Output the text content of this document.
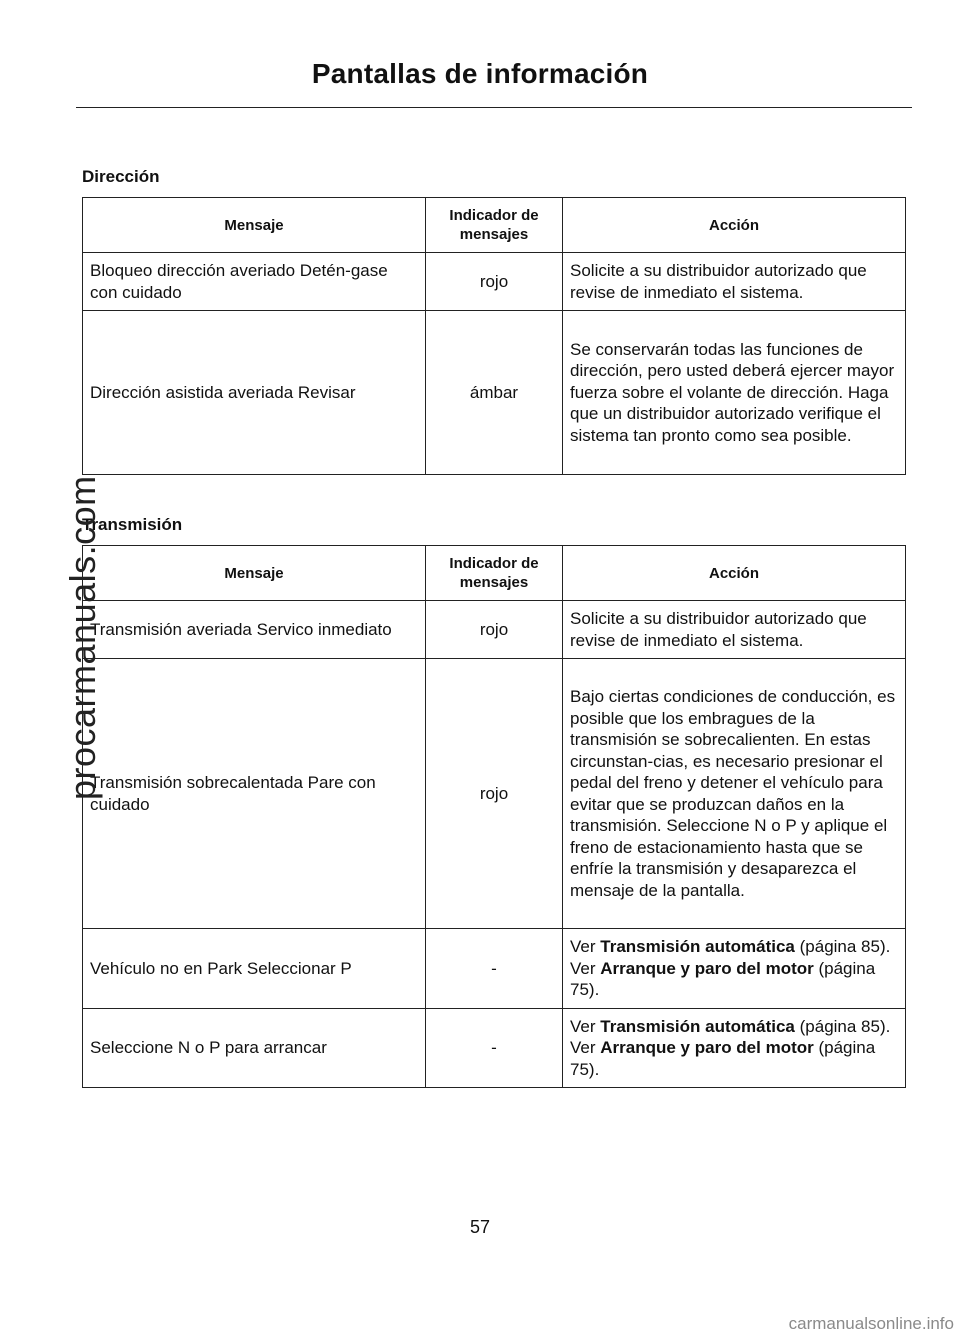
Pantallas de información
Dirección
Mensaje	Indicador de mensajes	Acción
Bloqueo dirección averiado Detén-gase con cuidado	rojo	Solicite a su distribuidor autorizado que revise de inmediato el sistema.
Dirección asistida averiada Revisar	ámbar	Se conservarán todas las funciones de dirección, pero usted deberá ejercer mayor fuerza sobre el volante de dirección. Haga que un distribuidor autorizado verifique el sistema tan pronto como sea posible.
Transmisión
Mensaje	Indicador de mensajes	Acción
Transmisión averiada Servico inmediato	rojo	Solicite a su distribuidor autorizado que revise de inmediato el sistema.
Transmisión sobrecalentada Pare con cuidado	rojo	Bajo ciertas condiciones de conducción, es posible que los embragues de la transmisión se sobrecalienten. En estas circunstan-cias, es necesario presionar el pedal del freno y detener el vehículo para evitar que se produzcan daños en la transmisión. Seleccione N o P y aplique el freno de estacionamiento hasta que se enfríe la transmisión y desaparezca el mensaje de la pantalla.
Vehículo no en Park Seleccionar P	-	Ver Transmisión automática (página 85). Ver Arranque y paro del motor (página 75).
Seleccione N o P para arrancar	-	Ver Transmisión automática (página 85). Ver Arranque y paro del motor (página 75).
procarmanuals.com
57
carmanualsonline.info
